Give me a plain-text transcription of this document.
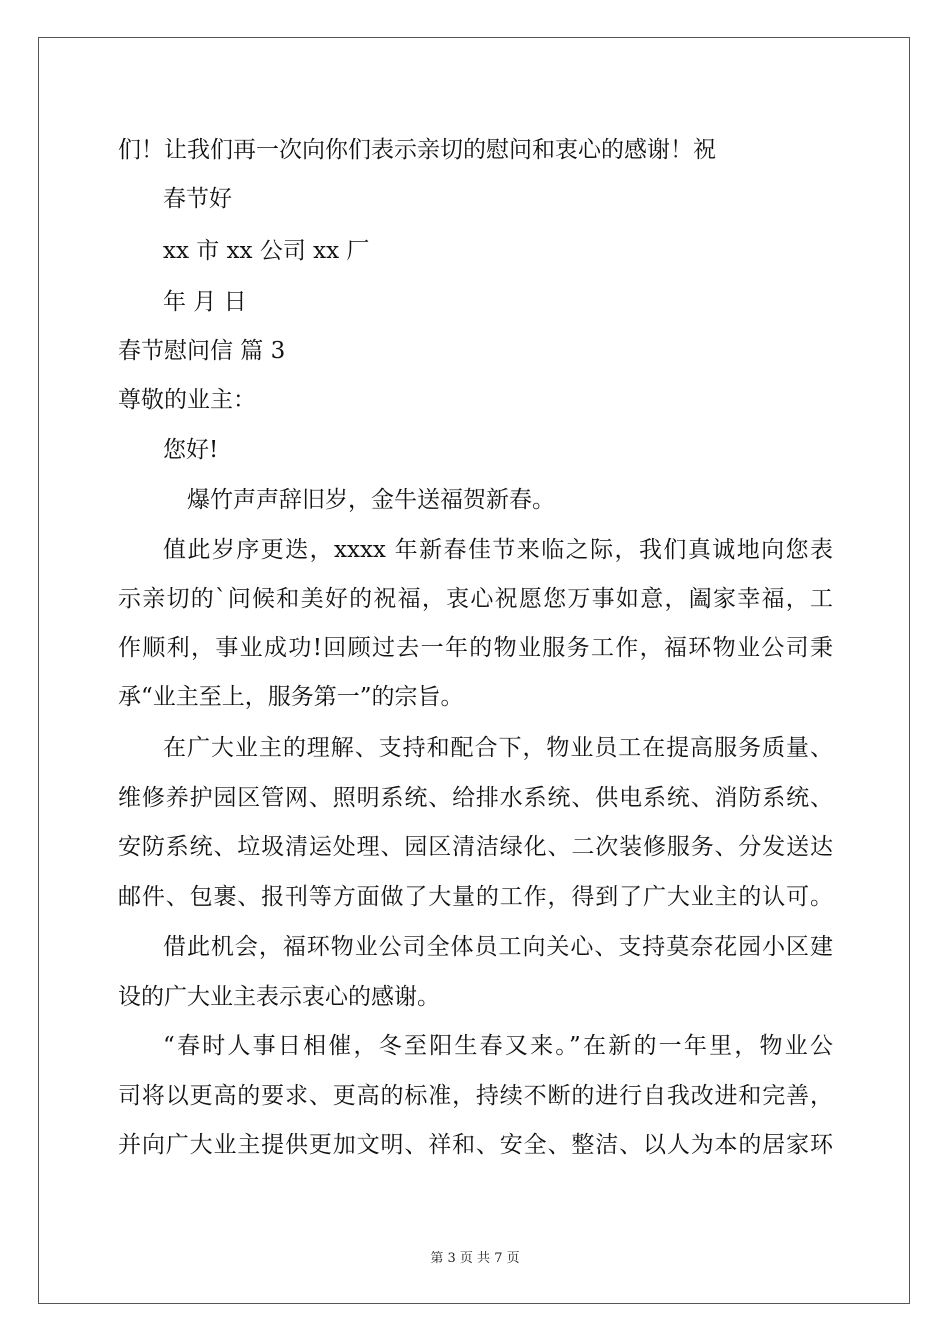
们！让我们再一次向你们表示亲切的慰问和衷心的感谢！祝
春节好
xx 市 xx 公司 xx 厂
年 月 日
春节慰问信 篇 3
尊敬的业主：
您好!
爆竹声声辞旧岁，金牛送福贺新春。
值此岁序更迭，xxxx 年新春佳节来临之际，我们真诚地向您表
示亲切的`问候和美好的祝福，衷心祝愿您万事如意，阖家幸福，工
作顺利，事业成功!回顾过去一年的物业服务工作，福环物业公司秉
承“业主至上，服务第一”的宗旨。
在广大业主的理解、支持和配合下，物业员工在提高服务质量、
维修养护园区管网、照明系统、给排水系统、供电系统、消防系统、
安防系统、垃圾清运处理、园区清洁绿化、二次装修服务、分发送达
邮件、包裹、报刊等方面做了大量的工作，得到了广大业主的认可。
借此机会，福环物业公司全体员工向关心、支持莫奈花园小区建
设的广大业主表示衷心的感谢。
“春时人事日相催，冬至阳生春又来。”在新的一年里，物业公
司将以更高的要求、更高的标准，持续不断的进行自我改进和完善，
并向广大业主提供更加文明、祥和、安全、整洁、以人为本的居家环
第 3 页 共 7 页
